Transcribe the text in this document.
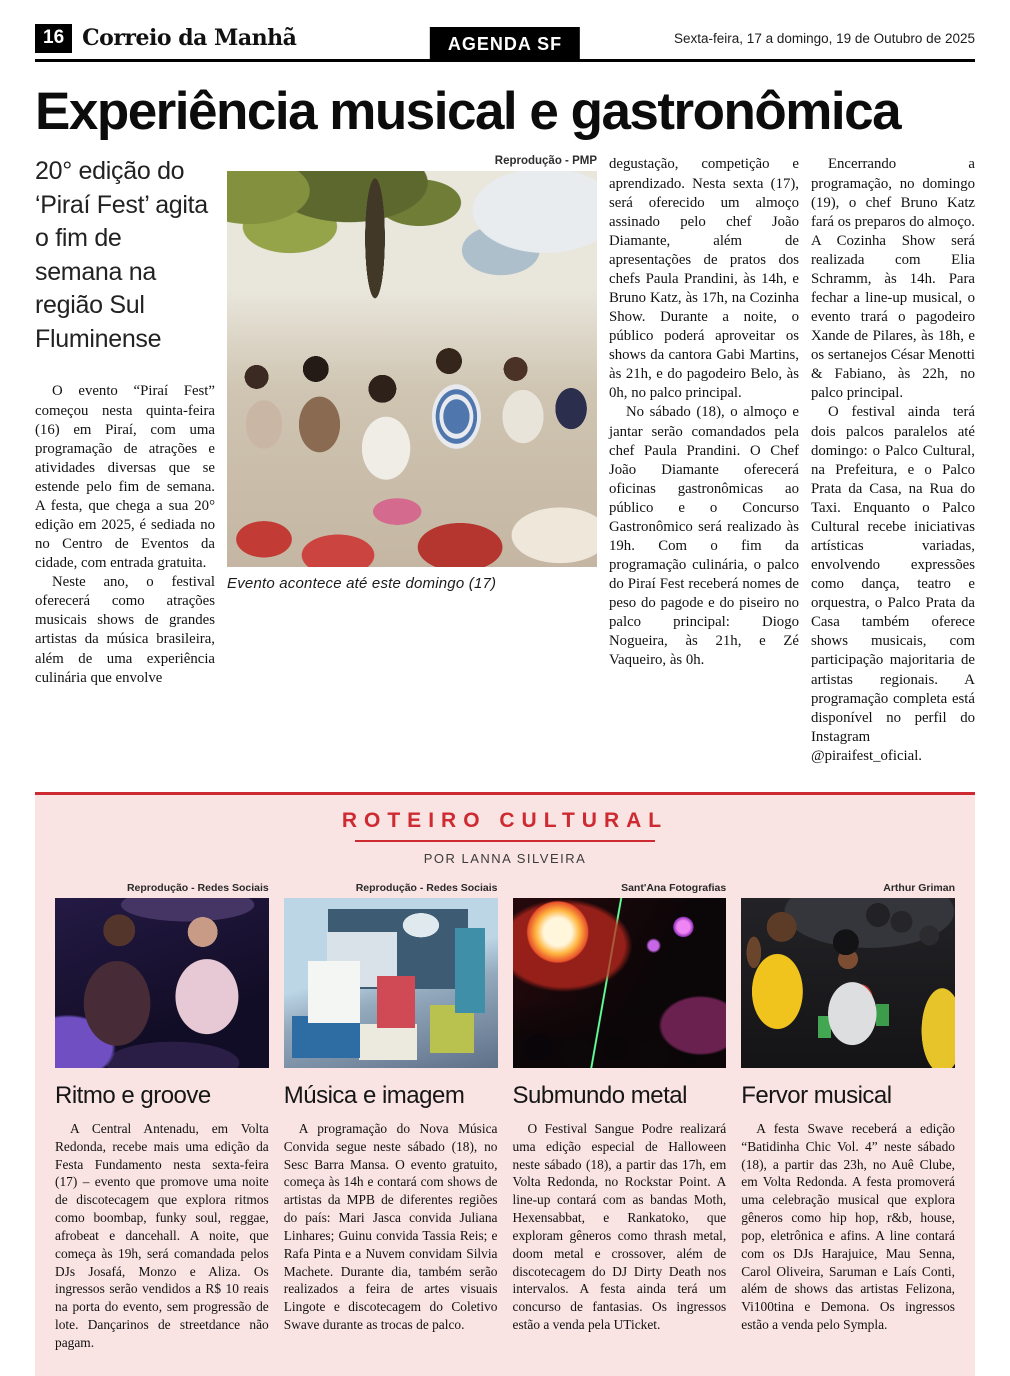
16 Correio da Manhã	AGENDA SF	Sexta-feira, 17 a domingo, 19 de Outubro de 2025
Experiência musical e gastronômica
20° edição do ‘Piraí Fest’ agita o fim de semana na região Sul Fluminense

O evento “Piraí Fest” começou nesta quinta-feira (16) em Piraí, com uma programação de atrações e atividades diversas que se estende pelo fim de semana. A festa, que chega a sua 20° edição em 2025, é sediada no no Centro de Eventos da cidade, com entrada gratuita.

Neste ano, o festival oferecerá como atrações musicais shows de grandes artistas da música brasileira, além de uma experiência culinária que envolve

Reprodução - PMP
Evento acontece até este domingo (17)

degustação, competição e aprendizado. Nesta sexta (17), será oferecido um almoço assinado pelo chef João Diamante, além de apresentações de pratos dos chefs Paula Prandini, às 14h, e Bruno Katz, às 17h, na Cozinha Show. Durante a noite, o público poderá aproveitar os shows da cantora Gabi Martins, às 21h, e do pagodeiro Belo, às 0h, no palco principal.

No sábado (18), o almoço e jantar serão comandados pela chef Paula Prandini. O Chef João Diamante oferecerá oficinas gastronômicas ao público e o Concurso Gastronômico será realizado às 19h. Com o fim da programação culinária, o palco do Piraí Fest receberá nomes de peso do pagode e do piseiro no palco principal: Diogo Nogueira, às 21h, e Zé Vaqueiro, às 0h.

Encerrando a programação, no domingo (19), o chef Bruno Katz fará os preparos do almoço. A Cozinha Show será realizada com Elia Schramm, às 14h. Para fechar a line-up musical, o evento trará o pagodeiro Xande de Pilares, às 18h, e os sertanejos César Menotti & Fabiano, às 22h, no palco principal.

O festival ainda terá dois palcos paralelos até domingo: o Palco Cultural, na Prefeitura, e o Palco Prata da Casa, na Rua do Taxi. Enquanto o Palco Cultural recebe iniciativas artísticas variadas, envolvendo expressões como dança, teatro e orquestra, o Palco Prata da Casa também oferece shows musicais, com participação majoritaria de artistas regionais. A programação completa está disponível no perfil do Instagram @piraifest_oficial.

ROTEIRO CULTURAL
POR LANNA SILVEIRA
Reprodução - Redes Sociais
Ritmo e groove

A Central Antenadu, em Volta Redonda, recebe mais uma edição da Festa Fundamento nesta sexta-feira (17) – evento que promove uma noite de discotecagem que explora ritmos como boombap, funky soul, reggae, afrobeat e dancehall. A noite, que começa às 19h, será comandada pelos DJs Josafá, Monzo e Aliza. Os ingressos serão vendidos a R$ 10 reais na porta do evento, sem progressão de lote. Dançarinos de streetdance não pagam.

Reprodução - Redes Sociais
Música e imagem

A programação do Nova Música Convida segue neste sábado (18), no Sesc Barra Mansa. O evento gratuito, começa às 14h e contará com shows de artistas da MPB de diferentes regiões do país: Mari Jasca convida Juliana Linhares; Guinu convida Tassia Reis; e Rafa Pinta e a Nuvem convidam Silvia Machete. Durante dia, também serão realizados a feira de artes visuais Lingote e discotecagem do Coletivo Swave durante as trocas de palco.

Sant'Ana Fotografias
Submundo metal

O Festival Sangue Podre realizará uma edição especial de Halloween neste sábado (18), a partir das 17h, em Volta Redonda, no Rockstar Point. A line-up contará com as bandas Moth, Hexensabbat, e Rankatoko, que exploram gêneros como thrash metal, doom metal e crossover, além de discotecagem do DJ Dirty Death nos intervalos. A festa ainda terá um concurso de fantasias. Os ingressos estão a venda pela UTicket.

Arthur Griman
Fervor musical

A festa Swave receberá a edição “Batidinha Chic Vol. 4” neste sábado (18), a partir das 23h, no Auê Clube, em Volta Redonda. A festa promoverá uma celebração musical que explora gêneros como hip hop, r&b, house, pop, eletrônica e afins. A line contará com os DJs Harajuice, Mau Senna, Carol Oliveira, Saruman e Laís Conti, além de shows das artistas Felizona, Vi100tina e Demona. Os ingressos estão a venda pelo Sympla.
